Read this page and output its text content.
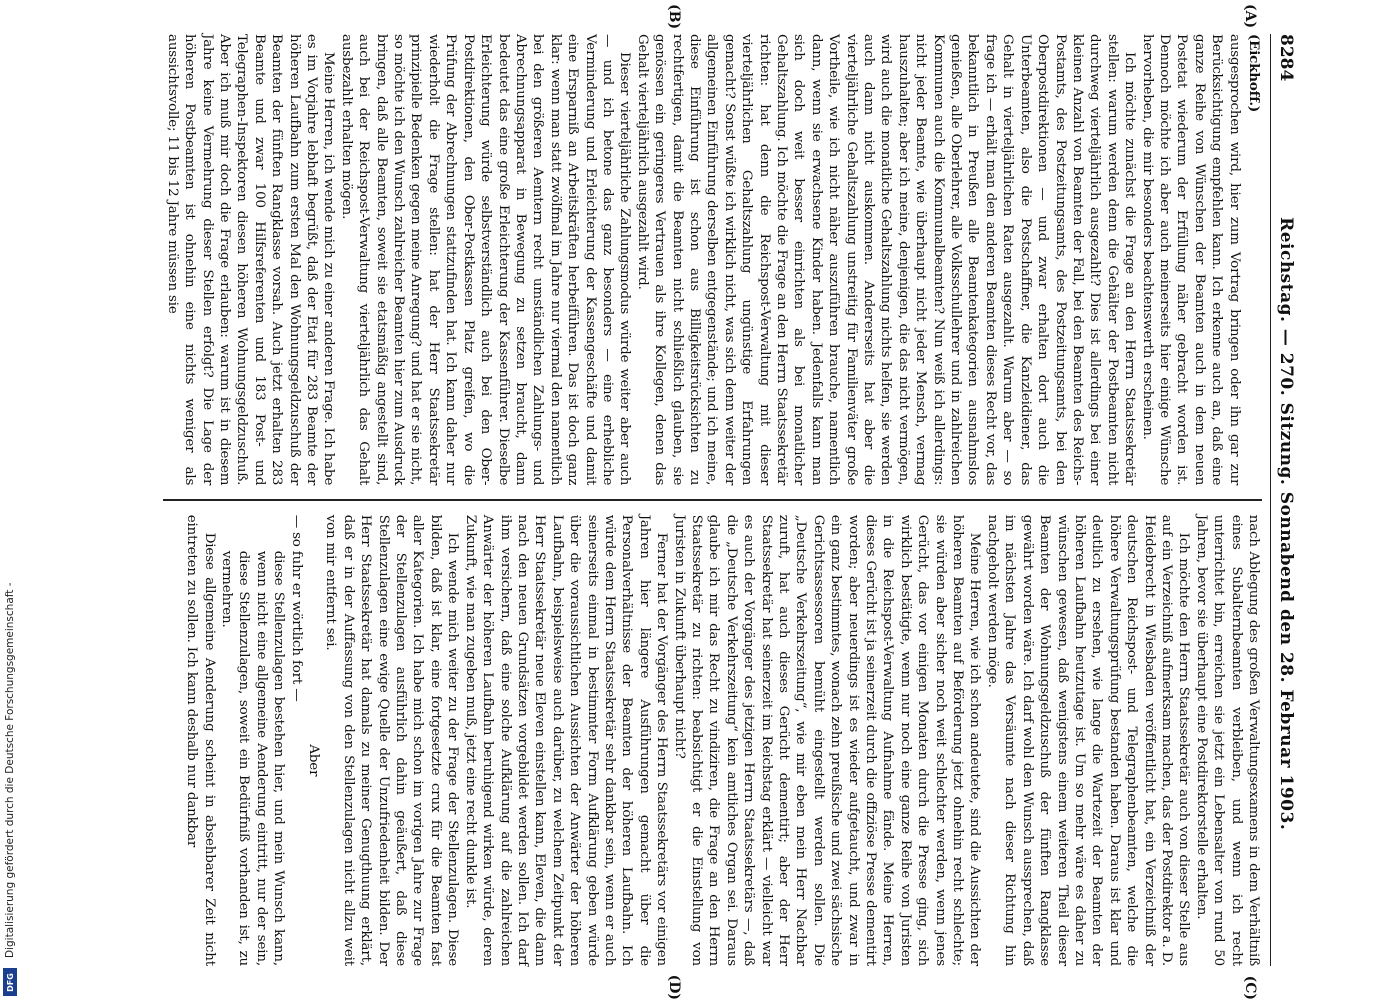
Digitalisierung gefördert durch die Deutsche Forschungsgemeinschaft -
DFG
8284
Reichstag. — 270. Sitzung. Sonnabend den 28. Februar 1903.
(A)
(B)
(C)
(D)

(Eickhoff.)

ausgesprochen wird, hier zum Vortrag bringen oder ihn gar zur Berücksichtigung empfehlen kann. Ich erkenne auch an, daß eine ganze Reihe von Wünschen der Beamten auch in dem neuen Postetat wiederum der Erfüllung näher gebracht worden ist. Dennoch möchte ich aber auch meinerseits hier einige Wünsche hervorheben, die mir besonders beachtenswerth erscheinen.

Ich möchte zunächst die Frage an den Herrn Staatssekretär stellen: warum werden denn die Gehälter der Postbeamten nicht durchweg vierteljährlich ausgezahlt? Dies ist allerdings bei einer kleinen Anzahl von Beamten der Fall, bei den Beamten des Reichs-Postamts, des Postzeitungsamts, des Postzeitungsamts, bei den Oberpostdirektionen — und zwar erhalten dort auch die Unterbeamten, also die Postschaffner, die Kanzleidiener, das Gehalt in vierteljährlichen Raten ausgezahlt. Warum aber — so frage ich — erhält man den anderen Beamten dieses Recht vor, das bekanntlich in Preußen alle Beamtenkategorien ausnahmslos genießen, alle Oberlehrer, alle Volksschullehrer und in zahlreichen Kommunen auch die Kommunalbeamten? Nun weiß ich allerdings: nicht jeder Beamte, wie überhaupt nicht jeder Mensch, vermag hauszuhalten; aber ich meine, denjenigen, die das nicht vermögen, wird auch die monatliche Gehaltszahlung nichts helfen, sie werden auch dann nicht auskommen. Andererseits hat aber die vierteljährliche Gehaltszahlung unstreitig für Familienväter große Vortheile, wie ich nicht näher auszuführen brauche, namentlich dann, wenn sie erwachsene Kinder haben. Jedenfalls kann man sich doch weit besser einrichten als bei monatlicher Gehaltszahlung. Ich möchte die Frage an den Herrn Staatssekretär richten: hat denn die Reichspost-Verwaltung mit dieser vierteljährlichen Gehaltszahlung ungünstige Erfahrungen gemacht? Sonst wüßte ich wirklich nicht, was sich denn weiter der allgemeinen Einführung derselben entgegenstände; und ich meine, diese Einführung ist schon aus Billigkeitsrücksichten zu rechtfertigen, damit die Beamten nicht schließlich glauben, sie genössen ein geringeres Vertrauen als ihre Kollegen, denen das Gehalt vierteljährlich ausgezahlt wird.

Dieser vierteljährliche Zahlungsmodus würde weiter aber auch — und ich betone das ganz besonders — eine erhebliche Verminderung und Erleichterung der Kassengeschäfte und damit eine Ersparniß an Arbeitskräften herbeiführen. Das ist doch ganz klar: wenn man statt zwölfmal im Jahre nur viermal den namentlich bei den größeren Aemtern recht umständlichen Zahlungs- und Abrechnungsapparat in Bewegung zu setzen braucht, dann bedeutet das eine große Erleichterung der Kassenführer. Dieselbe Erleichterung würde selbstverständlich auch bei den Ober-Postdirektionen, den Ober-Postkassen Platz greifen, wo die Prüfung der Abrechnungen stattzufinden hat. Ich kann daher nur wiederholt die Frage stellen: hat der Herr Staatssekretär prinzipielle Bedenken gegen meine Anregung? und hat er sie nicht, so möchte ich den Wunsch zahlreicher Beamten hier zum Ausdruck bringen, daß alle Beamten, soweit sie etatsmäßig angestellt sind, auch bei der Reichspost-Verwaltung vierteljährlich das Gehalt ausbezahlt erhalten mögen.

Meine Herren, ich wende mich zu einer anderen Frage. Ich habe es im Vorjahre lebhaft begrüßt, daß der Etat für 283 Beamte der höheren Laufbahn zum ersten Mal den Wohnungsgeldzuschuß der Beamten der fünften Rangklasse vorsah. Auch jetzt erhalten 283 Beamte und zwar 100 Hilfsreferenten und 183 Post- und Telegraphen-Inspektoren diesen höheren Wohnungsgeldzuschuß. Aber ich muß mir doch die Frage erlauben: warum ist in diesem Jahre keine Vermehrung dieser Stellen erfolgt? Die Lage der höheren Postbeamten ist ohnehin eine nichts weniger als aussichtsvolle; 11 bis 12 Jahre müssen sie

nach Ablegung des großen Verwaltungsexamens in dem Verhältniß eines Subalternbeamten verbleiben, und wenn ich recht unterrichtet bin, erreichen sie jetzt ein Lebensalter von rund 50 Jahren, bevor sie überhaupt eine Postdirektorstelle erhalten.

Ich möchte den Herrn Staatssekretär auch von dieser Stelle aus auf ein Verzeichniß aufmerksam machen, das der Postdirektor a. D. Heidebrecht in Wiesbaden veröffentlicht hat, ein Verzeichniß der deutschen Reichspost- und Telegraphenbeamten, welche die höhere Verwaltungsprüfung bestanden haben. Daraus ist klar und deutlich zu ersehen, wie lange die Wartezeit der Beamten der höheren Laufbahn heutzutage ist. Um so mehr wäre es daher zu wünschen gewesen, daß wenigstens einem weiteren Theil dieser Beamten der Wohnungsgeldzuschuß der fünften Rangklasse gewährt worden wäre. Ich darf wohl den Wunsch aussprechen, daß im nächsten Jahre das Versäumte nach dieser Richtung hin nachgeholt werden möge.

Meine Herren, wie ich schon andeutete, sind die Aussichten der höheren Beamten auf Beförderung jetzt ohnehin recht schlechte; sie würden aber sicher noch weit schlechter werden, wenn jenes Gerücht, das vor einigen Monaten durch die Presse ging, sich wirklich bestätigte, wenn nur noch eine ganze Reihe von Juristen in die Reichspost-Verwaltung Aufnahme fände. Meine Herren, dieses Gerücht ist ja seinerzeit durch die offiziöse Presse dementirt worden; aber neuerdings ist es wieder aufgetaucht, und zwar in ein ganz bestimmtes, wonach zehn preußische und zwei sächsische Gerichtsassessoren bemüht eingestellt werden sollen. Die „Deutsche Verkehrszeitung“, wie mir eben mein Herr Nachbar zuruft, hat auch dieses Gerücht dementirt; aber der Herr Staatssekretär hat seinerzeit im Reichstag erklärt — vielleicht war es auch der Vorgänger des jetzigen Herrn Staatssekretärs —, daß die „Deutsche Verkehrszeitung“ kein amtliches Organ sei. Daraus glaube ich mir das Recht zu vindiziren, die Frage an den Herrn Staatssekretär zu richten: beabsichtigt er die Einstellung von Juristen in Zukunft überhaupt nicht?

Ferner hat der Vorgänger des Herrn Staatssekretärs vor einigen Jahren hier längere Ausführungen gemacht über die Personalverhältnisse der Beamten der höheren Laufbahn. Ich würde dem Herrn Staatssekretär sehr dankbar sein, wenn er auch seinerseits einmal in bestimmter Form Aufklärung geben würde über die voraussichtlichen Aussichten der Anwärter der höheren Laufbahn, beispielsweise auch darüber, zu welchem Zeitpunkt der Herr Staatssekretär neue Eleven einstellen kann, Eleven, die dann nach den neuen Grundsätzen vorgebildet werden sollen. Ich darf ihm versichern, daß eine solche Aufklärung auf die zahlreichen Anwärter der höheren Laufbahn beruhigend wirken würde, deren Zukunft, wie man zugeben muß, jetzt eine recht dunkle ist.

Ich wende mich weiter zu der Frage der Stellenzulagen. Diese bilden, daß ist klar, eine fortgesetzte crux für die Beamten fast aller Kategorien. Ich habe mich schon im vorigen Jahre zur Frage der Stellenzulagen ausführlich dahin geäußert, daß diese Stellenzulagen eine ewige Quelle der Unzufriedenheit bilden. Der Herr Staatssekretär hat damals zu meiner Genugthuung erklärt, daß er in der Auffassung von den Stellenzulagen nicht allzu weit von mir entfernt sei.

Aber

— so fuhr er wörtlich fort —

diese Stellenzulagen bestehen hier, und mein Wunsch kann, wenn nicht eine allgemeine Aenderung eintritt, nur der sein, diese Stellenzulagen, soweit ein Bedürfniß vorhanden ist, zu vermehren.

Diese allgemeine Aenderung scheint in absehbarer Zeit nicht eintreten zu sollen. Ich kann deshalb nur dankbar
